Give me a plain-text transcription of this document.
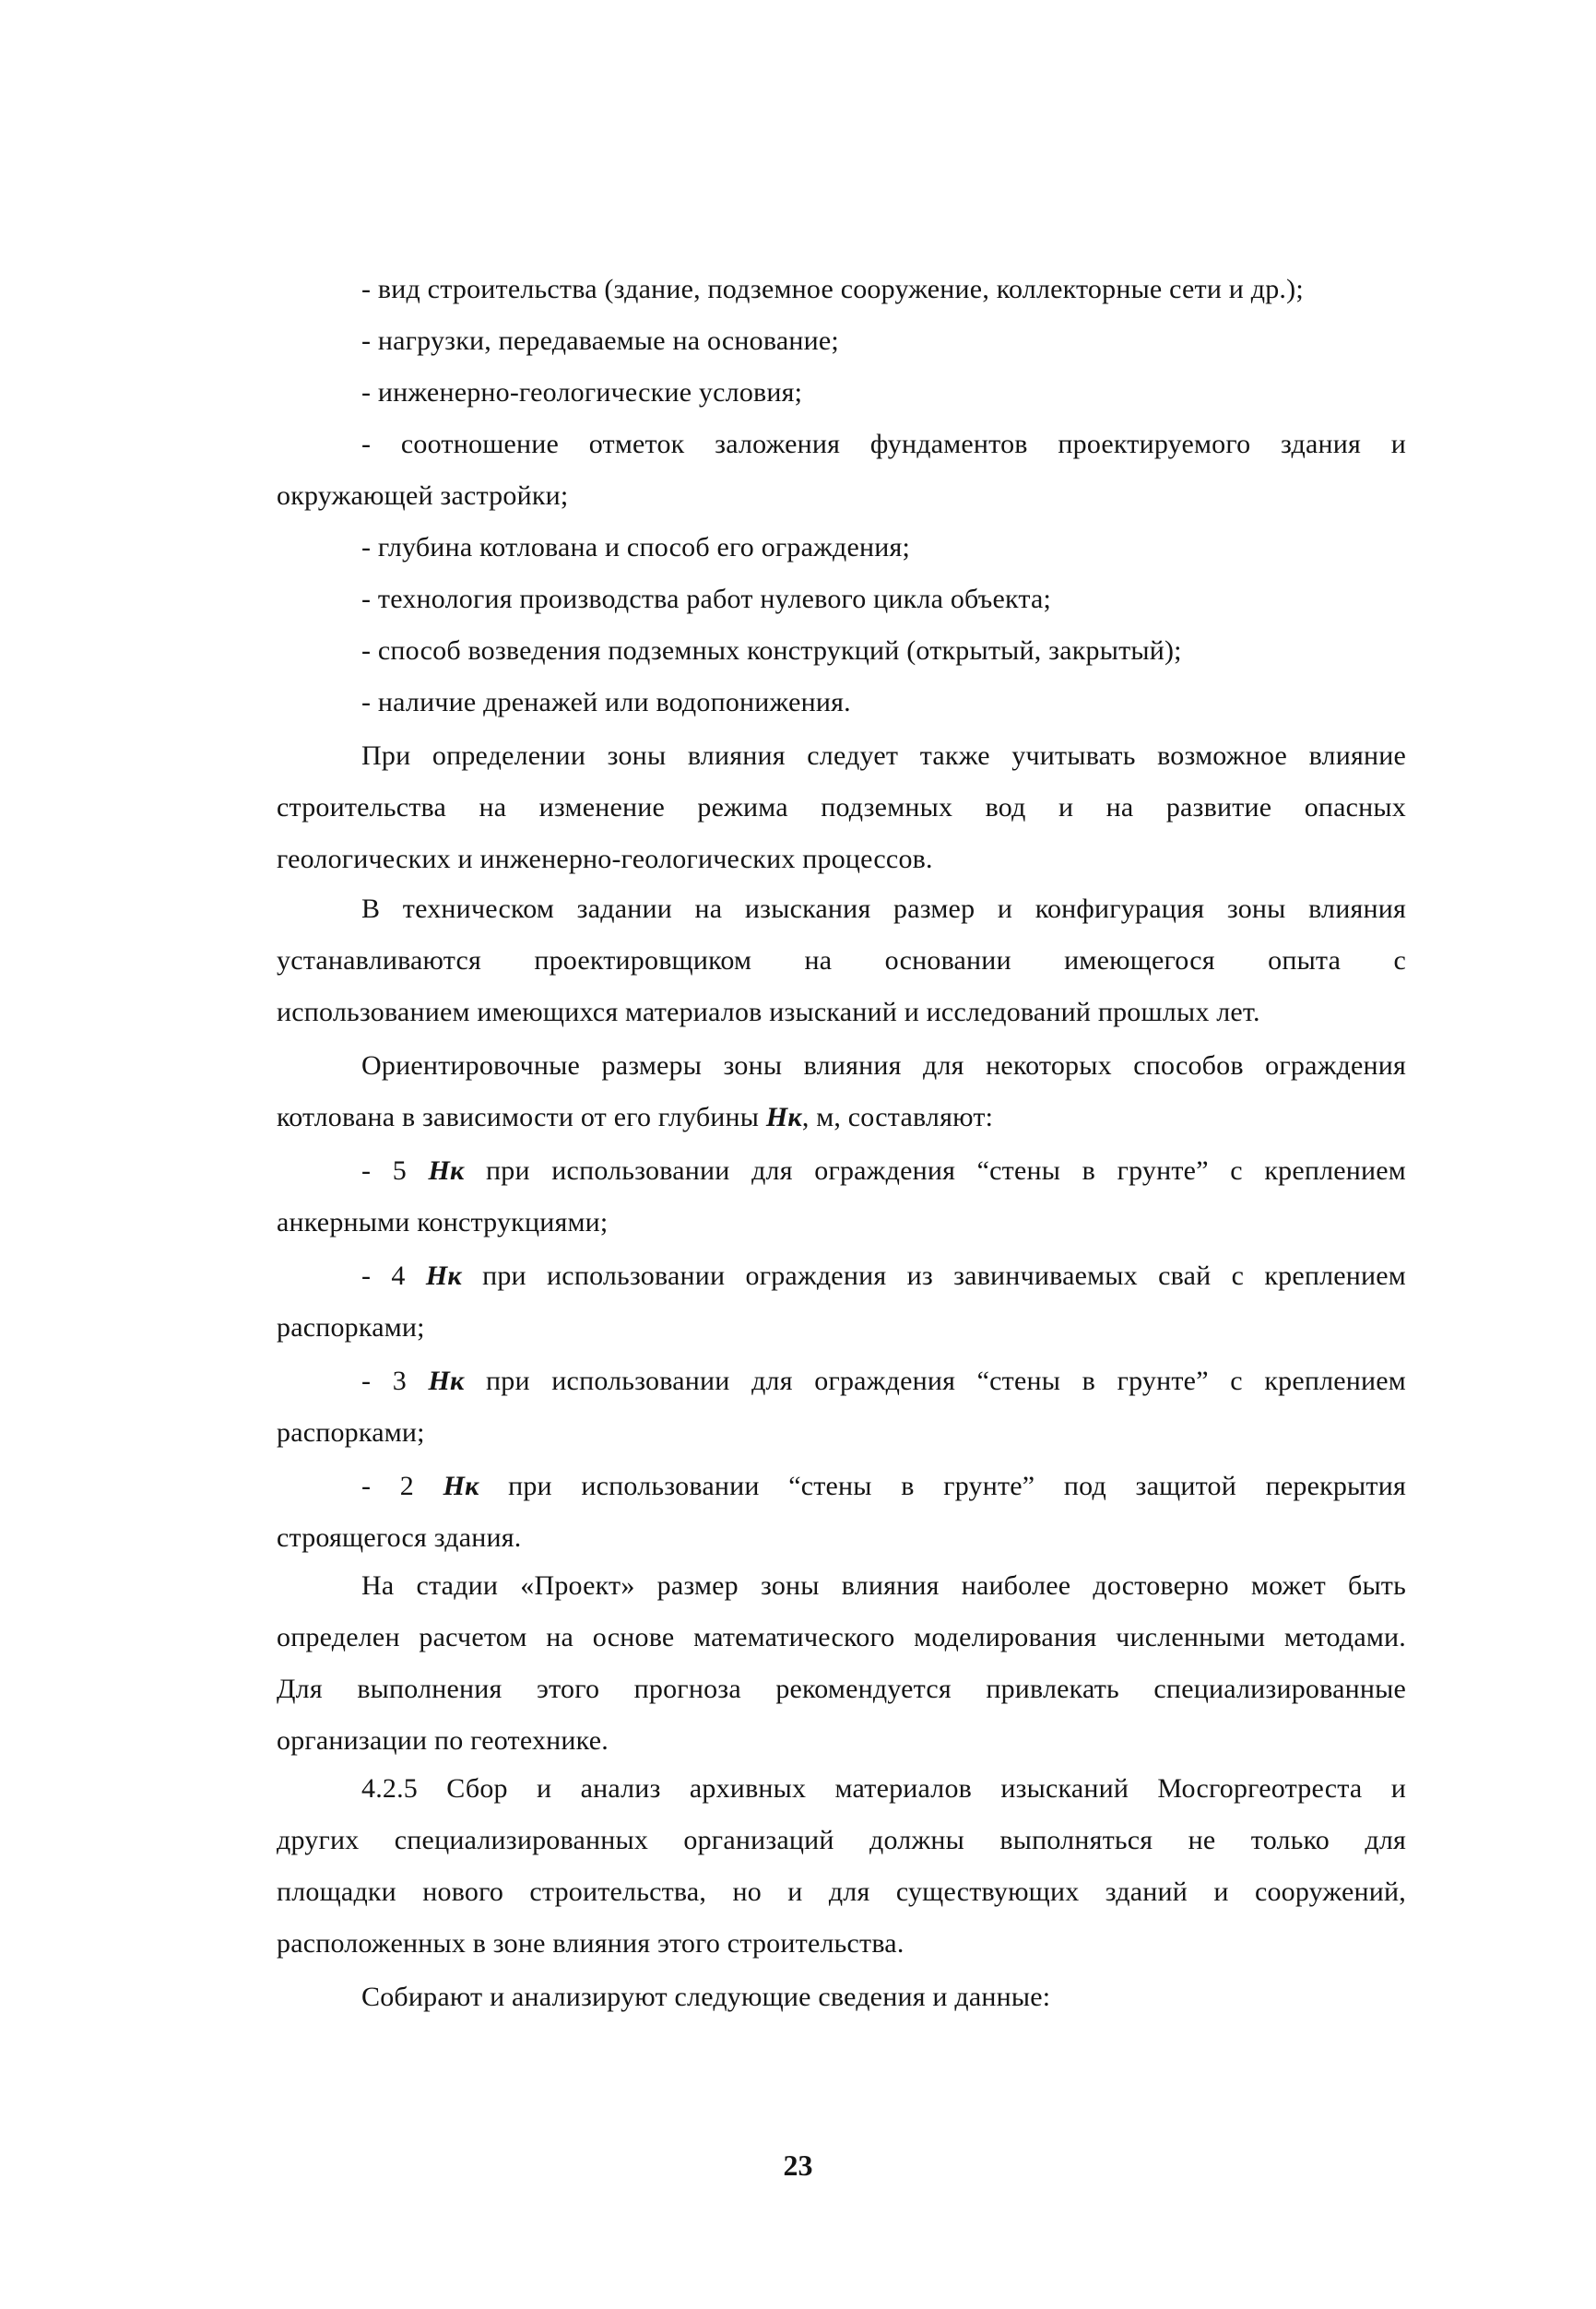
- вид строительства (здание, подземное сооружение, коллекторные сети и др.);
- нагрузки, передаваемые на основание;
- инженерно-геологические условия;
- соотношение отметок заложения фундаментов проектируемого здания и
окружающей застройки;
- глубина котлована и способ его ограждения;
- технология производства работ нулевого цикла объекта;
- способ возведения подземных конструкций (открытый, закрытый);
- наличие дренажей или водопонижения.
При определении зоны влияния следует также учитывать возможное влияние
строительства на изменение режима подземных вод и на развитие опасных
геологических и инженерно-геологических процессов.
В техническом задании на изыскания размер и конфигурация зоны влияния
устанавливаются проектировщиком на основании имеющегося опыта с
использованием имеющихся материалов изысканий и исследований прошлых лет.
Ориентировочные размеры зоны влияния для некоторых способов ограждения
котлована в зависимости от его глубины Hк, м, составляют:
- 5 Hк при использовании для ограждения “стены в грунте” с креплением
анкерными конструкциями;
- 4 Hк при использовании ограждения из завинчиваемых свай с креплением
распорками;
- 3 Hк при использовании для ограждения “стены в грунте” с креплением
распорками;
- 2 Hк при использовании “стены в грунте” под защитой перекрытия
строящегося здания.
На стадии «Проект» размер зоны влияния наиболее достоверно может быть
определен расчетом на основе математического моделирования численными методами.
Для выполнения этого прогноза рекомендуется привлекать специализированные
организации по геотехнике.
4.2.5 Сбор и анализ архивных материалов изысканий Мосгоргеотреста и
других специализированных организаций должны выполняться не только для
площадки нового строительства, но и для существующих зданий и сооружений,
расположенных в зоне влияния этого строительства.
Собирают и анализируют следующие сведения и данные:
23
